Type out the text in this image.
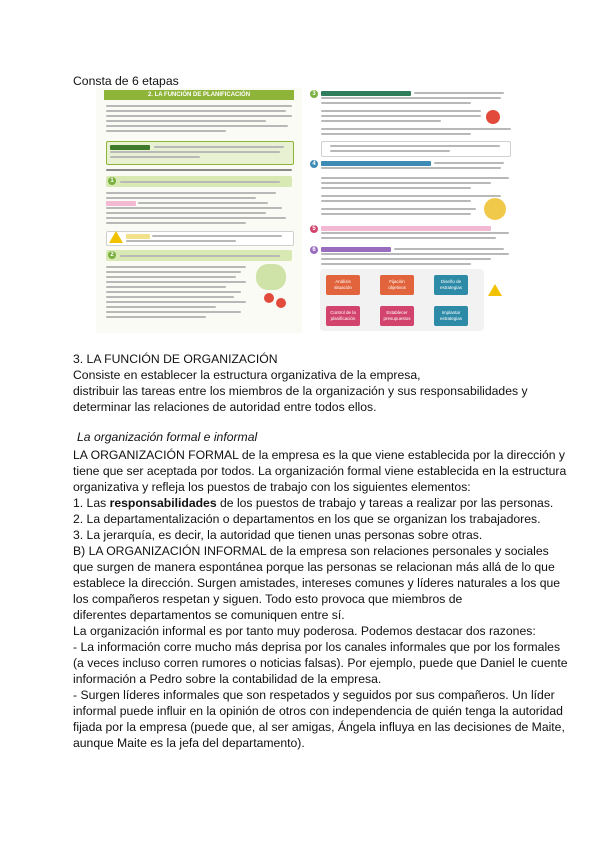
Consta de 6 etapas
2. LA FUNCIÓN DE PLANIFICACIÓN
1
2
3
4
5
6
Análisis situación
Fijación objetivos
Diseño de estrategias
Implantar estrategias
Establecer presupuestos
Control de la planificación
3. LA FUNCIÓN DE ORGANIZACIÓN
Consiste en establecer la estructura organizativa de la empresa,
distribuir las tareas entre los miembros de la organización y sus responsabilidades y
determinar las relaciones de autoridad entre todos ellos.
La organización formal e informal
LA ORGANIZACIÓN FORMAL de la empresa es la que viene establecida por la dirección y
tiene que ser aceptada por todos. La organización formal viene establecida en la estructura
organizativa y refleja los puestos de trabajo con los siguientes elementos:
1. Las responsabilidades de los puestos de trabajo y tareas a realizar por las personas.
2. La departamentalización o departamentos en los que se organizan los trabajadores.
3. La jerarquía, es decir, la autoridad que tienen unas personas sobre otras.
B) LA ORGANIZACIÓN INFORMAL de la empresa son relaciones personales y sociales
que surgen de manera espontánea porque las personas se relacionan más allá de lo que
establece la dirección. Surgen amistades, intereses comunes y líderes naturales a los que
los compañeros respetan y siguen. Todo esto provoca que miembros de
diferentes departamentos se comuniquen entre sí.
La organización informal es por tanto muy poderosa. Podemos destacar dos razones:
- La información corre mucho más deprisa por los canales informales que por los formales
(a veces incluso corren rumores o noticias falsas). Por ejemplo, puede que Daniel le cuente
información a Pedro sobre la contabilidad de la empresa.
- Surgen líderes informales que son respetados y seguidos por sus compañeros. Un líder
informal puede influir en la opinión de otros con independencia de quién tenga la autoridad
fijada por la empresa (puede que, al ser amigas, Ángela influya en las decisiones de Maite,
aunque Maite es la jefa del departamento).
